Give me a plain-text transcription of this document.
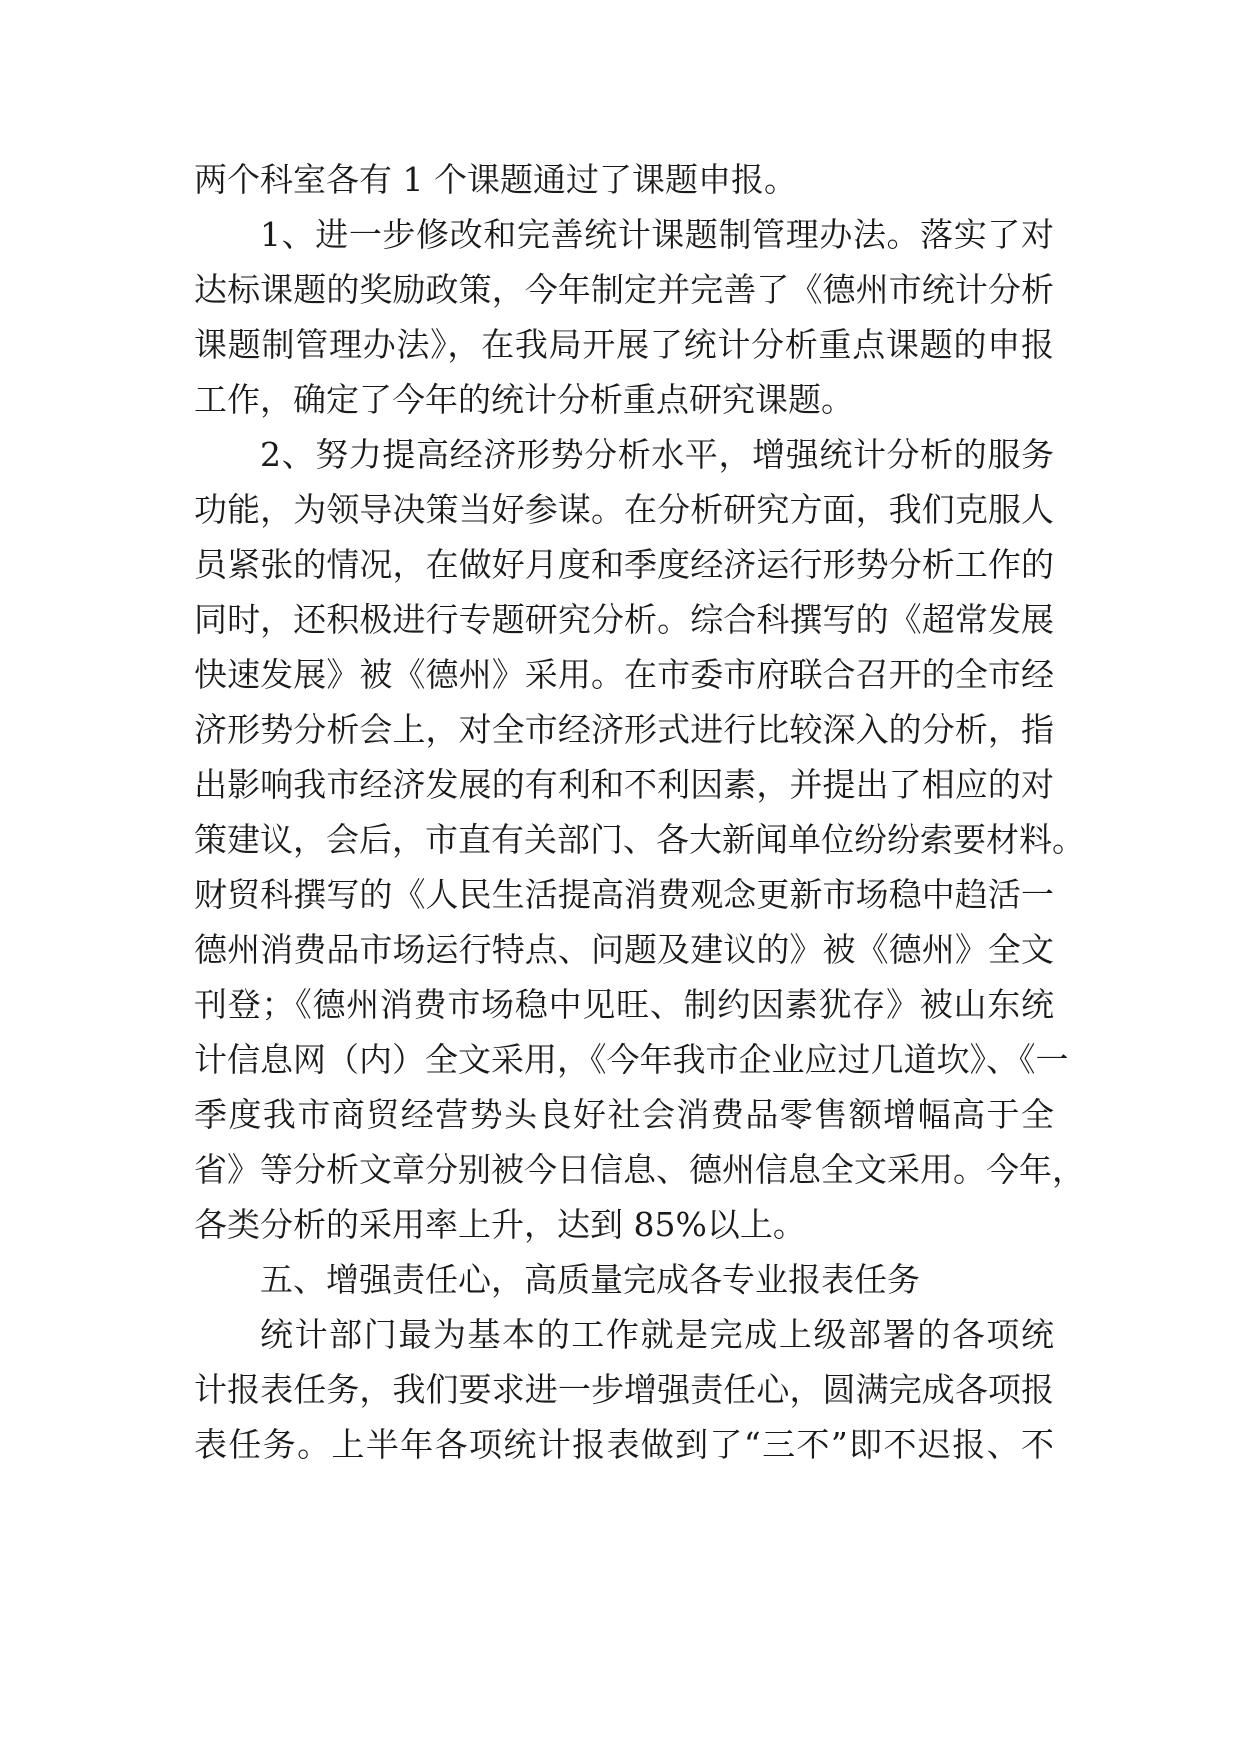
两个科室各有 1 个课题通过了课题申报。
1、进一步修改和完善统计课题制管理办法。落实了对
达标课题的奖励政策，今年制定并完善了《德州市统计分析
课题制管理办法》，在我局开展了统计分析重点课题的申报
工作，确定了今年的统计分析重点研究课题。
2、努力提高经济形势分析水平，增强统计分析的服务
功能，为领导决策当好参谋。在分析研究方面，我们克服人
员紧张的情况，在做好月度和季度经济运行形势分析工作的
同时，还积极进行专题研究分析。综合科撰写的《超常发展
快速发展》被《德州》采用。在市委市府联合召开的全市经
济形势分析会上，对全市经济形式进行比较深入的分析，指
出影响我市经济发展的有利和不利因素，并提出了相应的对
策建议，会后，市直有关部门、各大新闻单位纷纷索要材料。
财贸科撰写的《人民生活提高消费观念更新市场稳中趋活一
德州消费品市场运行特点、问题及建议的》被《德州》全文
刊登；《德州消费市场稳中见旺、制约因素犹存》被山东统
计信息网（内）全文采用，《今年我市企业应过几道坎》、《一
季度我市商贸经营势头良好社会消费品零售额增幅高于全
省》等分析文章分别被今日信息、德州信息全文采用。今年，
各类分析的采用率上升，达到 85%以上。
五、增强责任心，高质量完成各专业报表任务
统计部门最为基本的工作就是完成上级部署的各项统
计报表任务，我们要求进一步增强责任心，圆满完成各项报
表任务。上半年各项统计报表做到了“三不”即不迟报、不
